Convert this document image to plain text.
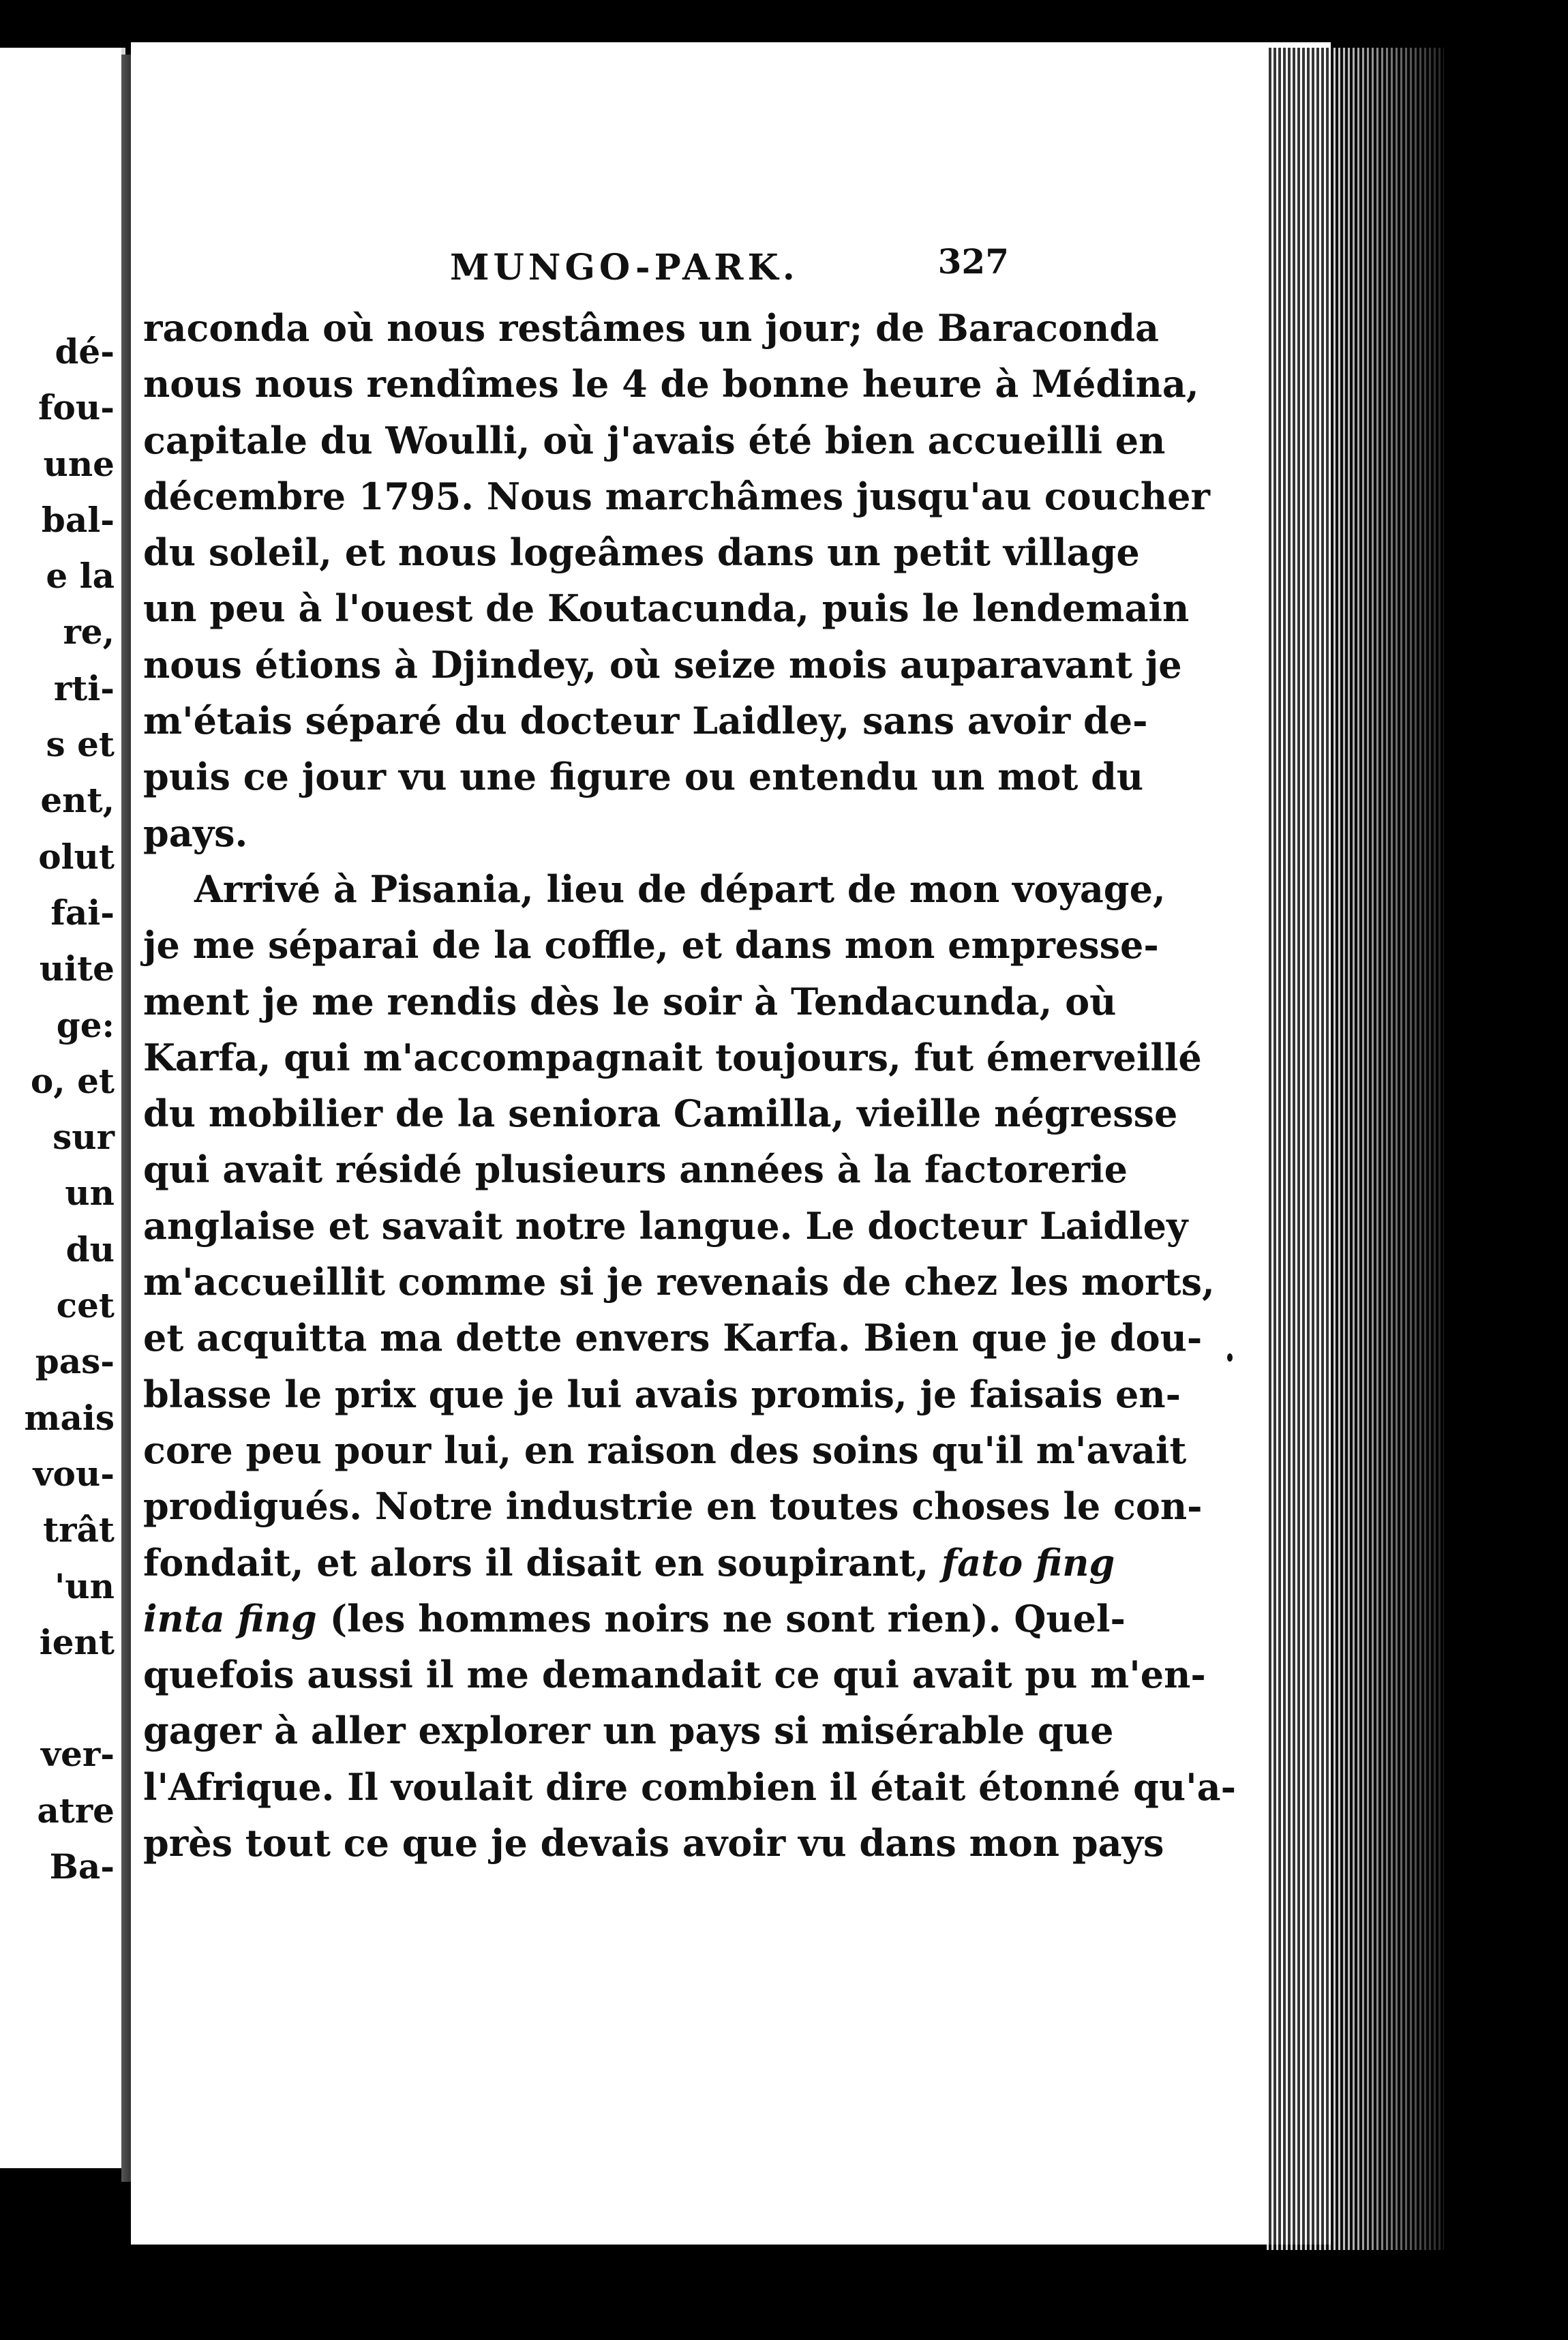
dé-
fou-
une
bal-
e la
re,
rti-
s et
ent,
olut
fai-
uite
ge:
o, et
sur
un
du
cet
pas-
mais
vou-
trât
'un
ient
ver-
atre
Ba-
MUNGO-PARK.	327
raconda où nous restâmes un jour; de Baraconda
nous nous rendîmes le 4 de bonne heure à Médina,
capitale du Woulli, où j'avais été bien accueilli en
décembre 1795. Nous marchâmes jusqu'au coucher
du soleil, et nous logeâmes dans un petit village
un peu à l'ouest de Koutacunda, puis le lendemain
nous étions à Djindey, où seize mois auparavant je
m'étais séparé du docteur Laidley, sans avoir de-
puis ce jour vu une figure ou entendu un mot du
pays.
Arrivé à Pisania, lieu de départ de mon voyage,
je me séparai de la coffle, et dans mon empresse-
ment je me rendis dès le soir à Tendacunda, où
Karfa, qui m'accompagnait toujours, fut émerveillé
du mobilier de la seniora Camilla, vieille négresse
qui avait résidé plusieurs années à la factorerie
anglaise et savait notre langue. Le docteur Laidley
m'accueillit comme si je revenais de chez les morts,
et acquitta ma dette envers Karfa. Bien que je dou-
blasse le prix que je lui avais promis, je faisais en-
core peu pour lui, en raison des soins qu'il m'avait
prodigués. Notre industrie en toutes choses le con-
fondait, et alors il disait en soupirant, fato fing
inta fing (les hommes noirs ne sont rien). Quel-
quefois aussi il me demandait ce qui avait pu m'en-
gager à aller explorer un pays si misérable que
l'Afrique. Il voulait dire combien il était étonné qu'a-
près tout ce que je devais avoir vu dans mon pays
